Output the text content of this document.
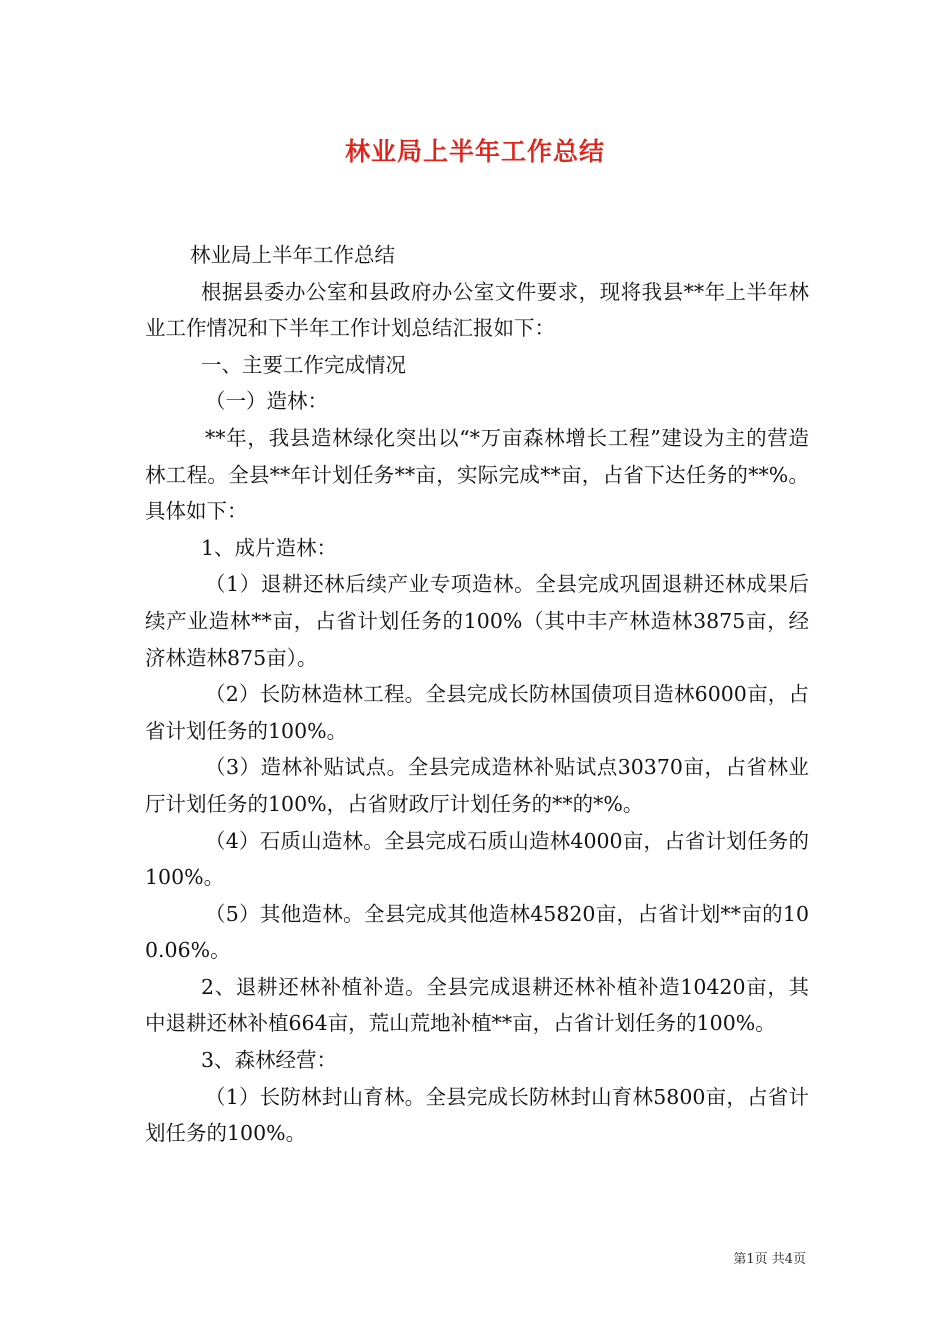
林业局上半年工作总结

林业局上半年工作总结

根据县委办公室和县政府办公室文件要求，现将我县**年上半年林业工作情况和下半年工作计划总结汇报如下：

一、主要工作完成情况

（一）造林：

**年，我县造林绿化突出以“*万亩森林增长工程”建设为主的营造林工程。全县**年计划任务**亩，实际完成**亩，占省下达任务的**%。具体如下：

1、成片造林：

（1）退耕还林后续产业专项造林。全县完成巩固退耕还林成果后续产业造林**亩，占省计划任务的100%（其中丰产林造林3875亩，经济林造林875亩）。

（2）长防林造林工程。全县完成长防林国债项目造林6000亩，占省计划任务的100%。

（3）造林补贴试点。全县完成造林补贴试点30370亩，占省林业厅计划任务的100%，占省财政厅计划任务的**的*%。

（4）石质山造林。全县完成石质山造林4000亩，占省计划任务的100%。

（5）其他造林。全县完成其他造林45820亩，占省计划**亩的100.06%。

2、退耕还林补植补造。全县完成退耕还林补植补造10420亩，其中退耕还林补植664亩，荒山荒地补植**亩，占省计划任务的100%。

3、森林经营：

（1）长防林封山育林。全县完成长防林封山育林5800亩，占省计划任务的100%。

第1页 共4页
